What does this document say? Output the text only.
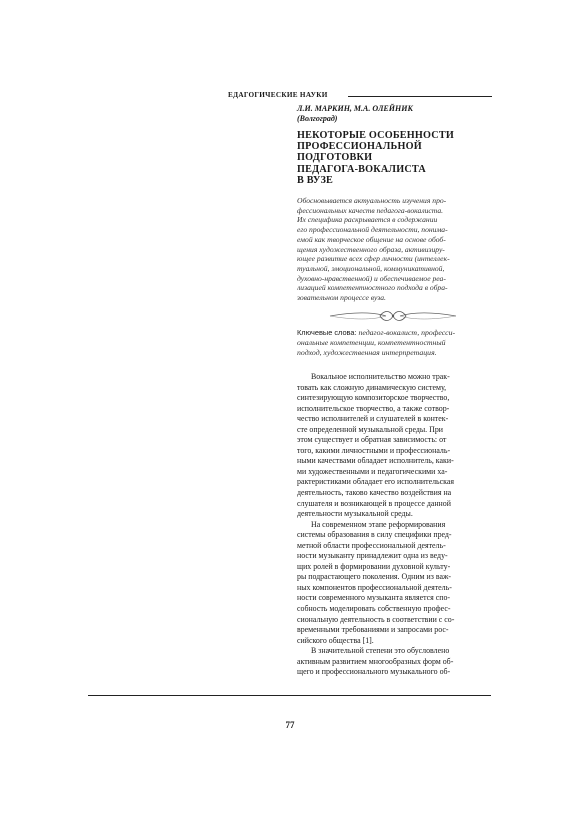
ЕДАГОГИЧЕСКИЕ НАУКИ
Л.И. МАРКИН, М.А. ОЛЕЙНИК
(Волгоград)
НЕКОТОРЫЕ ОСОБЕННОСТИ
ПРОФЕССИОНАЛЬНОЙ
ПОДГОТОВКИ
ПЕДАГОГА-ВОКАЛИСТА
В ВУЗЕ
Обосновывается актуальность изучения про-
фессиональных качеств педагога-вокалиста.
Их специфика раскрывается в содержании
его профессиональной деятельности, понима-
емой как творческое общение на основе обоб-
щения художественного образа, активизиру-
ющее развитие всех сфер личности (интеллек-
туальной, эмоциональной, коммуникативной,
духовно-нравственной) и обеспечиваемое реа-
лизацией компетентностного подхода в обра-
зовательном процессе вуза.
Ключевые слова: педагог-вокалист, професси-
ональные компетенции, компетентностный
подход, художественная интерпретация.
Вокальное исполнительство можно трак-
товать как сложную динамическую систему,
синтезирующую композиторское творчество,
исполнительское творчество, а также сотвор-
чество исполнителей и слушателей в контек-
сте определенной музыкальной среды. При
этом существует и обратная зависимость: от
того, какими личностными и профессиональ-
ными качествами обладает исполнитель, каки-
ми художественными и педагогическими ха-
рактеристиками обладает его исполнительская
деятельность, таково качество воздействия на
слушателя и возникающей в процессе данной
деятельности музыкальной среды.
На современном этапе реформирования
системы образования в силу специфики пред-
метной области профессиональной деятель-
ности музыканту принадлежит одна из веду-
щих ролей в формировании духовной культу-
ры подрастающего поколения. Одним из важ-
ных компонентов профессиональной деятель-
ности современного музыканта является спо-
собность моделировать собственную профес-
сиональную деятельность в соответствии с со-
временными требованиями и запросами рос-
сийского общества [1].
В значительной степени это обусловлено
активным развитием многообразных форм об-
щего и профессионального музыкального об-
77
